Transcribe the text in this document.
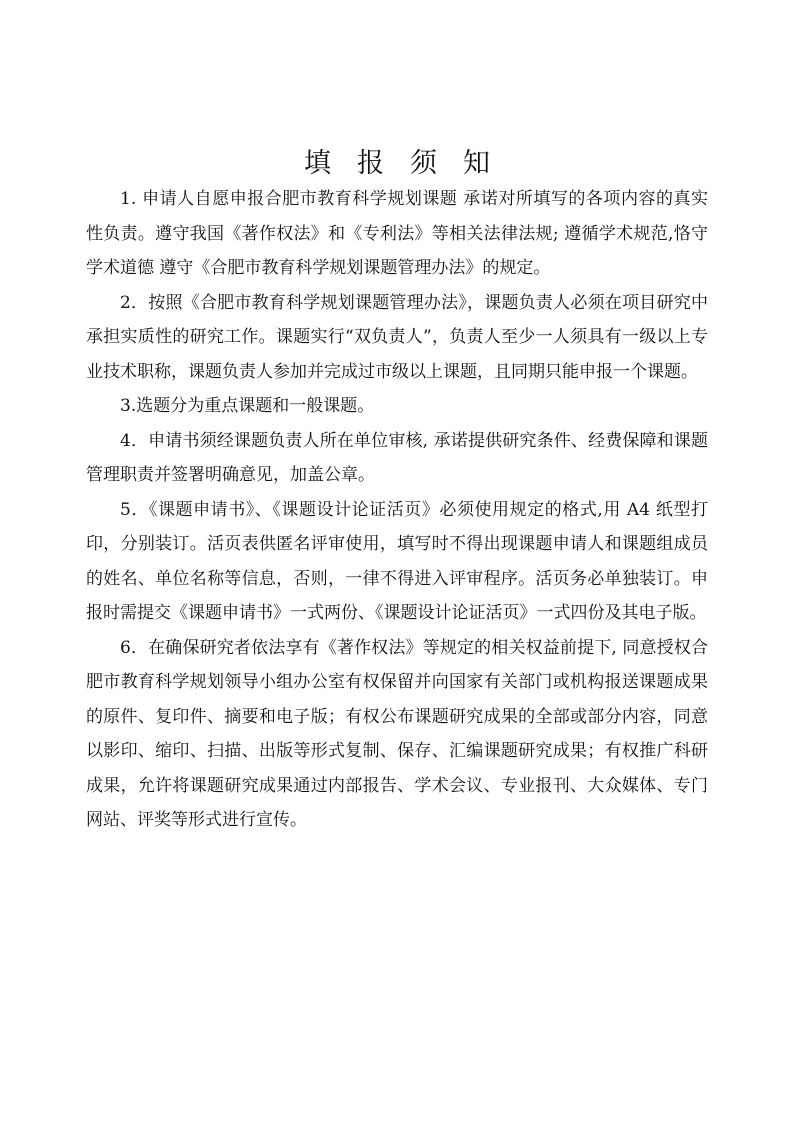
填报须知

1. 申请人自愿申报合肥市教育科学规划课题 承诺对所填写的各项内容的真实性负责。遵守我国《著作权法》和《专利法》等相关法律法规; 遵循学术规范,恪守学术道德 遵守《合肥市教育科学规划课题管理办法》的规定。

2．按照《合肥市教育科学规划课题管理办法》，课题负责人必须在项目研究中承担实质性的研究工作。课题实行“双负责人”，负责人至少一人须具有一级以上专业技术职称，课题负责人参加并完成过市级以上课题，且同期只能申报一个课题。

3.选题分为重点课题和一般课题。

4．申请书须经课题负责人所在单位审核, 承诺提供研究条件、经费保障和课题管理职责并签署明确意见，加盖公章。

5．《课题申请书》、《课题设计论证活页》必须使用规定的格式,用 A4 纸型打印，分别装订。活页表供匿名评审使用，填写时不得出现课题申请人和课题组成员的姓名、单位名称等信息，否则，一律不得进入评审程序。活页务必单独装订。申报时需提交《课题申请书》一式两份、《课题设计论证活页》一式四份及其电子版。

6．在确保研究者依法享有《著作权法》等规定的相关权益前提下, 同意授权合肥市教育科学规划领导小组办公室有权保留并向国家有关部门或机构报送课题成果的原件、复印件、摘要和电子版；有权公布课题研究成果的全部或部分内容，同意以影印、缩印、扫描、出版等形式复制、保存、汇编课题研究成果；有权推广科研成果，允许将课题研究成果通过内部报告、学术会议、专业报刊、大众媒体、专门网站、评奖等形式进行宣传。
